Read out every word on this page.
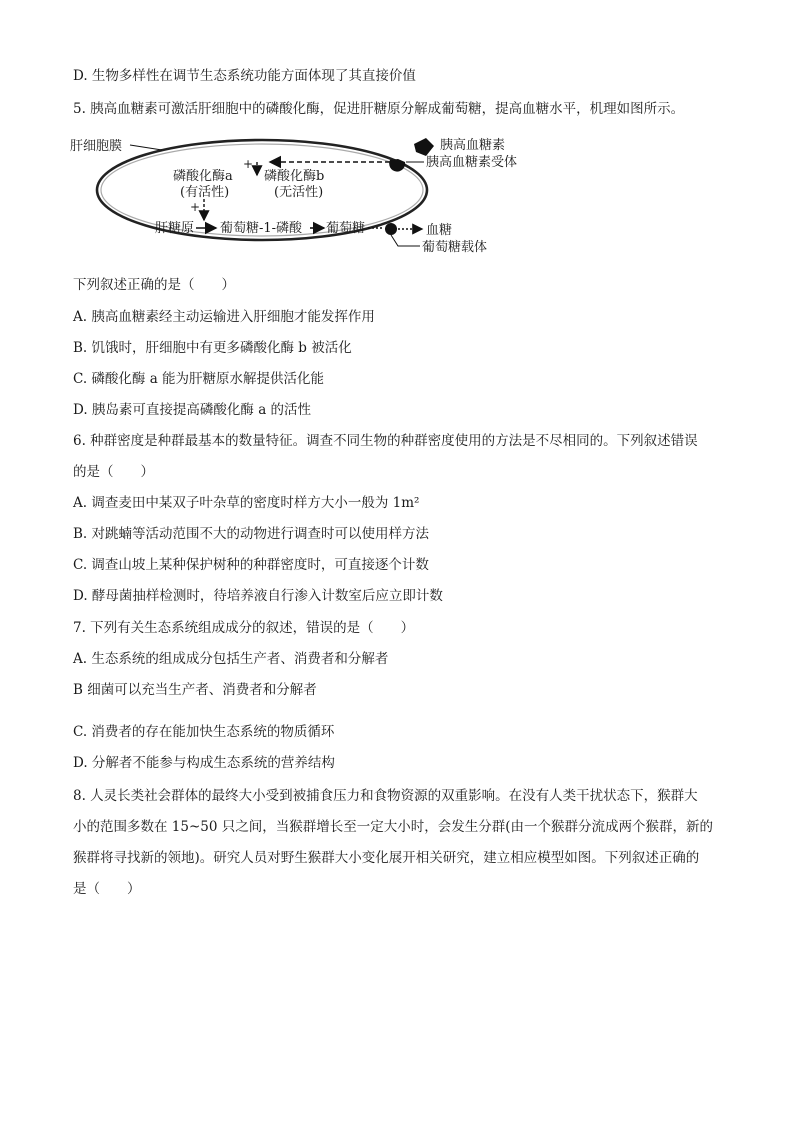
D. 生物多样性在调节生态系统功能方面体现了其直接价值
5. 胰高血糖素可激活肝细胞中的磷酸化酶，促进肝糖原分解成葡萄糖，提高血糖水平，机理如图所示。
肝细胞膜	胰高血糖素
胰高血糖素受体
+
磷酸化酶a
(有活性)
磷酸化酶b
(无活性)
+
肝糖原 葡萄糖-1-磷酸 葡萄糖	血糖
葡萄糖载体
下列叙述正确的是（　　）
A. 胰高血糖素经主动运输进入肝细胞才能发挥作用
B. 饥饿时，肝细胞中有更多磷酸化酶 b 被活化
C. 磷酸化酶 a 能为肝糖原水解提供活化能
D. 胰岛素可直接提高磷酸化酶 a 的活性
6. 种群密度是种群最基本的数量特征。调查不同生物的种群密度使用的方法是不尽相同的。下列叙述错误
的是（　　）
A. 调查麦田中某双子叶杂草的密度时样方大小一般为 1m²
B. 对跳蝻等活动范围不大的动物进行调查时可以使用样方法
C. 调查山坡上某种保护树种的种群密度时，可直接逐个计数
D. 酵母菌抽样检测时，待培养液自行渗入计数室后应立即计数
7. 下列有关生态系统组成成分的叙述，错误的是（　　）
A. 生态系统的组成成分包括生产者、消费者和分解者
B 细菌可以充当生产者、消费者和分解者
C. 消费者的存在能加快生态系统的物质循环
D. 分解者不能参与构成生态系统的营养结构
8. 人灵长类社会群体的最终大小受到被捕食压力和食物资源的双重影响。在没有人类干扰状态下，猴群大
小的范围多数在 15~50 只之间，当猴群增长至一定大小时，会发生分群(由一个猴群分流成两个猴群，新的
猴群将寻找新的领地)。研究人员对野生猴群大小变化展开相关研究，建立相应模型如图。下列叙述正确的
是（　　）
